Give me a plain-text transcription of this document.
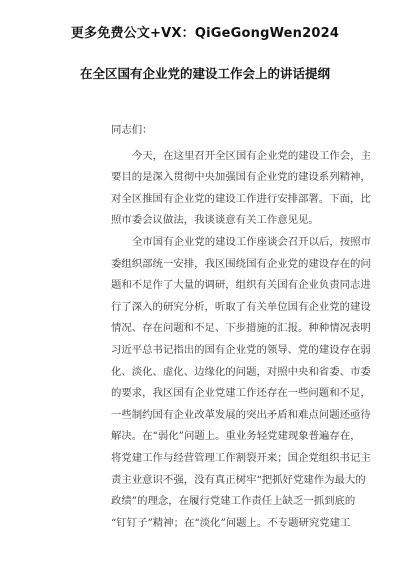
更多免费公文+VX：QiGeGongWen2024
在全区国有企业党的建设工作会上的讲话提纲
同志们：
今天，在这里召开全区国有企业党的建设工作会，主
要目的是深入贯彻中央加强国有企业党的建设系列精神，
对全区推国有企业党的建设工作进行安排部署。下面，比
照市委会议做法，我谈谈意有关工作意见见。
全市国有企业党的建设工作座谈会召开以后，按照市
委组织部统一安排，我区围绕国有企业党的建设存在的问
题和不足作了大量的调研，组织有关国有企业负责同志进
行了深入的研究分析，听取了有关单位国有企业党的建设
情况、存在问题和不足、下步措施的汇报。种种情况表明
习近平总书记指出的国有企业党的领导、党的建设存在弱
化、淡化、虚化、边缘化的问题，对照中央和省委、市委
的要求，我区国有企业党建工作还存在一些问题和不足，
一些制约国有企业改革发展的突出矛盾和难点问题还亟待
解决。在“弱化”问题上。重业务轻党建现象普遍存在，
将党建工作与经营管理工作割裂开来；国企党组织书记主
责主业意识不强，没有真正树牢“把抓好党建作为最大的
政绩”的理念，在履行党建工作责任上缺乏一抓到底的
“钉钉子”精神；在“淡化”问题上。不专题研究党建工
